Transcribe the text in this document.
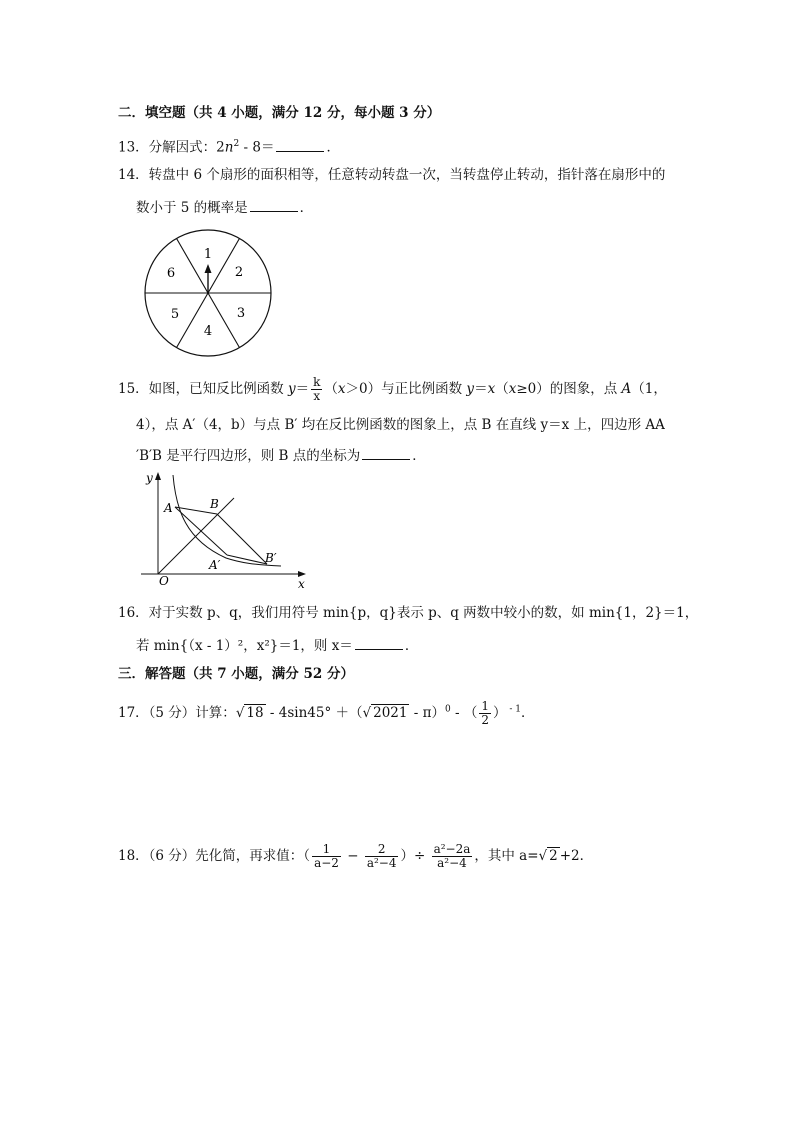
二．填空题（共 4 小题，满分 12 分，每小题 3 分）
13．分解因式：$2n^2 - 8=$	．
14．转盘中 6 个扇形的面积相等，任意转动转盘一次，当转盘停止转动，指针落在扇形中的
数小于 5 的概率是	．
1
2
3
4
5
6
15．如图，已知反比例函数 $y= \frac{k}{x} (x>0)$与正比例函数 y＝x（x≥0）的图象，点 A（1，
4），点 A′（4，b）与点 B′ 均在反比例函数的图象上，点 B 在直线 y＝x 上，四边形 AA
′B′B 是平行四边形，则 B 点的坐标为	．
y
x
O
A	B
A′	B′
16．对于实数 p、q，我们用符号 min{p，q}表示 p、q 两数中较小的数，如 min{1，2}＝1，
若 min{（x - 1）²，x²}＝1，则 x＝	．
三．解答题（共 7 小题，满分 52 分）
17．（5 分）计算：√ 18 - 4sin45° ＋（√ 2021 - π）$^0$ - （ $\frac{1}{2}$ ） $^{- 1}$．
18．（6 分）先化简，再求值：（ $\frac{1}{a-2} - \frac{2}{\text{a²−4}}$ ）÷ $\frac{\text{a²−2a}}{\text{a²−4}}$ ，其中 a=√ 2 +2．
